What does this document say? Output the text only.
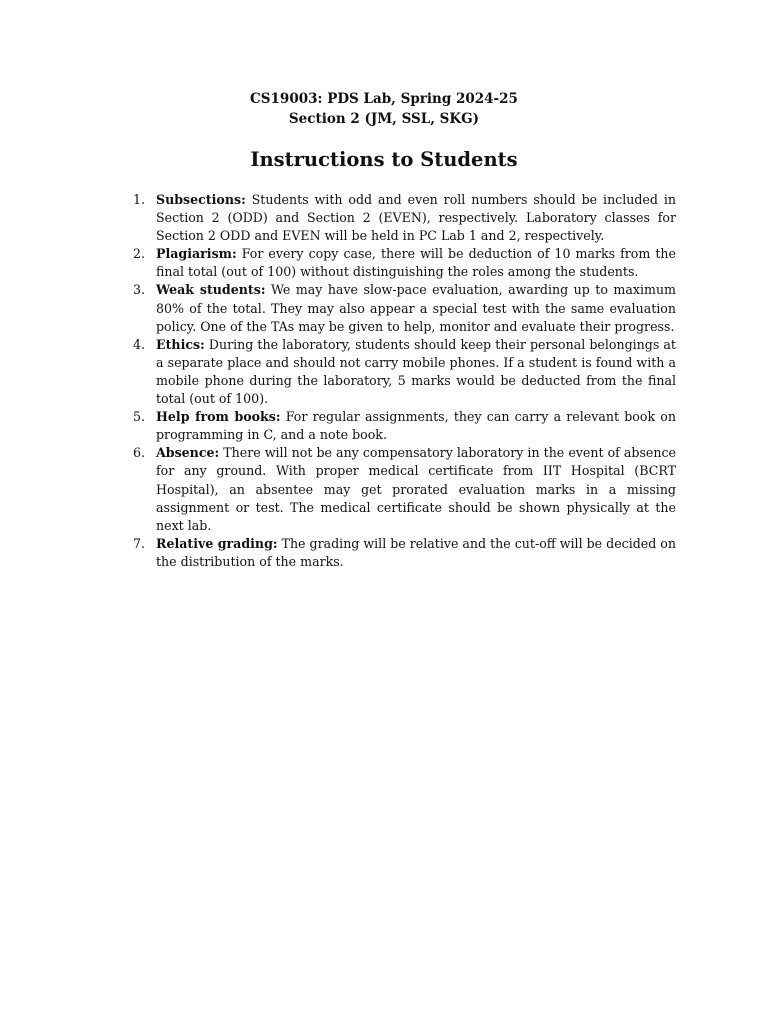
CS19003: PDS Lab, Spring 2024-25
Section 2 (JM, SSL, SKG)
Instructions to Students
1. Subsections: Students with odd and even roll numbers should be included in Section 2 (ODD) and Section 2 (EVEN), respectively. Laboratory classes for Section 2 ODD and EVEN will be held in PC Lab 1 and 2, respectively.
2. Plagiarism: For every copy case, there will be deduction of 10 marks from the final total (out of 100) without distinguishing the roles among the students.
3. Weak students: We may have slow-pace evaluation, awarding up to maximum 80% of the total. They may also appear a special test with the same evaluation policy. One of the TAs may be given to help, monitor and evaluate their progress.
4. Ethics: During the laboratory, students should keep their personal belongings at a separate place and should not carry mobile phones. If a student is found with a mobile phone during the laboratory, 5 marks would be deducted from the final total (out of 100).
5. Help from books: For regular assignments, they can carry a relevant book on programming in C, and a note book.
6. Absence: There will not be any compensatory laboratory in the event of absence for any ground. With proper medical certificate from IIT Hospital (BCRT Hospital), an absentee may get prorated evaluation marks in a missing assignment or test. The medical certificate should be shown physically at the next lab.
7. Relative grading: The grading will be relative and the cut-off will be decided on the distribution of the marks.
